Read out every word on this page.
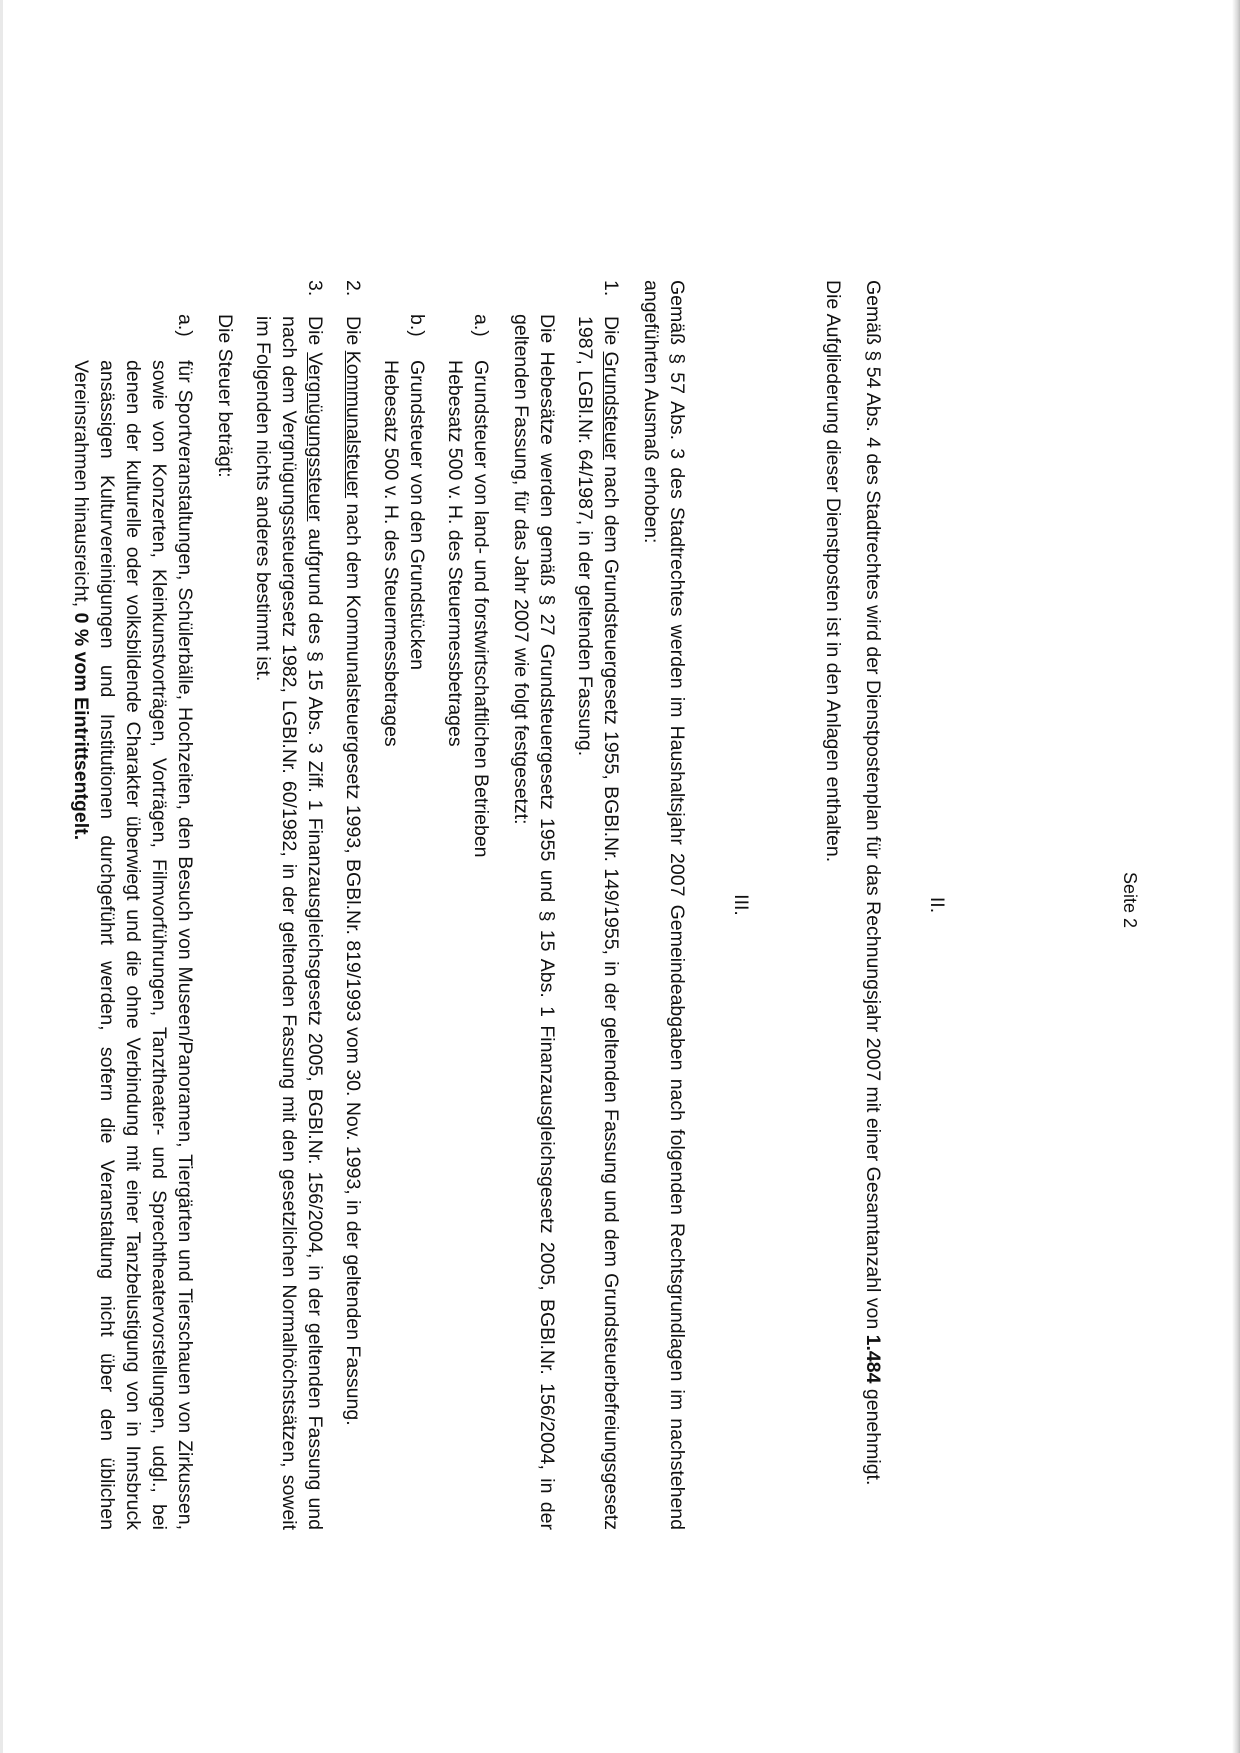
Seite 2
II.

Gemäß § 54 Abs. 4 des Stadtrechtes wird der Dienstpostenplan für das Rechnungsjahr 2007 mit einer Gesamtanzahl von 1.484 genehmigt.

Die Aufgliederung dieser Dienstposten ist in den Anlagen enthalten.

III.

Gemäß § 57 Abs. 3 des Stadtrechtes werden im Haushaltsjahr 2007 Gemeindeabgaben nach folgenden Rechtsgrundlagen im nachstehend angeführten Ausmaß erhoben:

1.
Die Grundsteuer nach dem Grundsteuergesetz 1955, BGBl.Nr. 149/1955, in der geltenden Fassung und dem Grundsteuerbefreiungsgesetz 1987, LGBl.Nr. 64/1987, in der geltenden Fassung.

Die Hebesätze werden gemäß § 27 Grundsteuergesetz 1955 und § 15 Abs. 1 Finanzausgleichsgesetz 2005, BGBl.Nr. 156/2004, in der geltenden Fassung, für das Jahr 2007 wie folgt festgesetzt:

a.)
Grundsteuer von land- und forstwirtschaftlichen Betrieben
Hebesatz 500 v. H. des Steuermessbetrages
b.)
Grundsteuer von den Grundstücken
Hebesatz 500 v. H. des Steuermessbetrages
2.
Die Kommunalsteuer nach dem Kommunalsteuergesetz 1993, BGBl.Nr. 819/1993 vom 30. Nov. 1993, in der geltenden Fassung.
3.
Die Vergnügungssteuer aufgrund des § 15 Abs. 3 Ziff. 1 Finanzausgleichsgesetz 2005, BGBl.Nr. 156/2004, in der geltenden Fassung und nach dem Vergnügungssteuergesetz 1982, LGBl.Nr. 60/1982, in der geltenden Fassung mit den gesetzlichen Normalhöchstsätzen, soweit im Folgenden nichts anderes bestimmt ist.

Die Steuer beträgt:

a.)
für Sportveranstaltungen, Schülerbälle, Hochzeiten, den Besuch von Museen/Panoramen, Tiergärten und Tierschauen von Zirkussen, sowie von Konzerten, Kleinkunstvorträgen, Vorträgen, Filmvorführungen, Tanztheater- und Sprechtheatervorstellungen, udgl., bei denen der kulturelle oder volksbildende Charakter überwiegt und die ohne Verbindung mit einer Tanzbelustigung von in Innsbruck ansässigen Kulturvereinigungen und Institutionen durchgeführt werden, sofern die Veranstaltung nicht über den üblichen Vereinsrahmen hinausreicht, 0 % vom Eintrittsentgelt.
